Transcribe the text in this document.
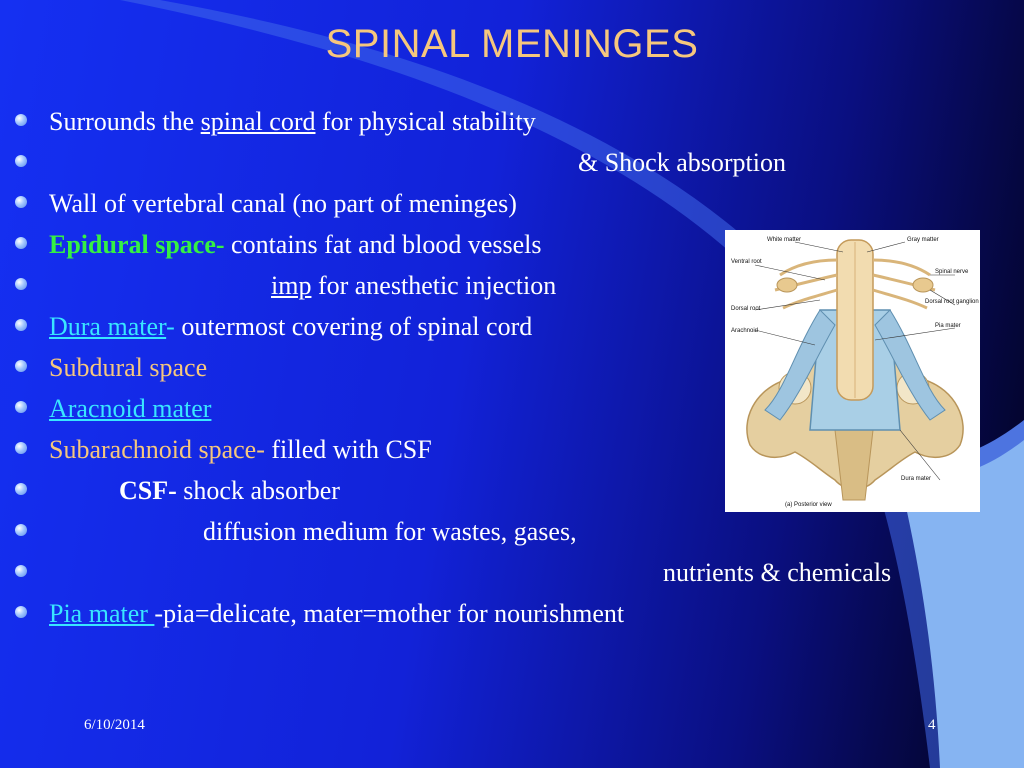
SPINAL MENINGES
Surrounds the spinal cord for physical stability
& Shock absorption
Wall of vertebral canal (no part of meninges)
Epidural space- contains fat and blood vessels
imp for anesthetic injection
Dura mater- outermost covering of spinal cord
Subdural space
Aracnoid mater
Subarachnoid space- filled with CSF
CSF- shock absorber
diffusion medium for wastes, gases,
nutrients & chemicals
Pia mater -pia=delicate, mater=mother for nourishment
White matter	Gray matter
Ventral root
Spinal nerve
Dorsal root
Dorsal root ganglion
Pia mater
Arachnoid
Dura mater
(a) Posterior view
6/10/2014	4
